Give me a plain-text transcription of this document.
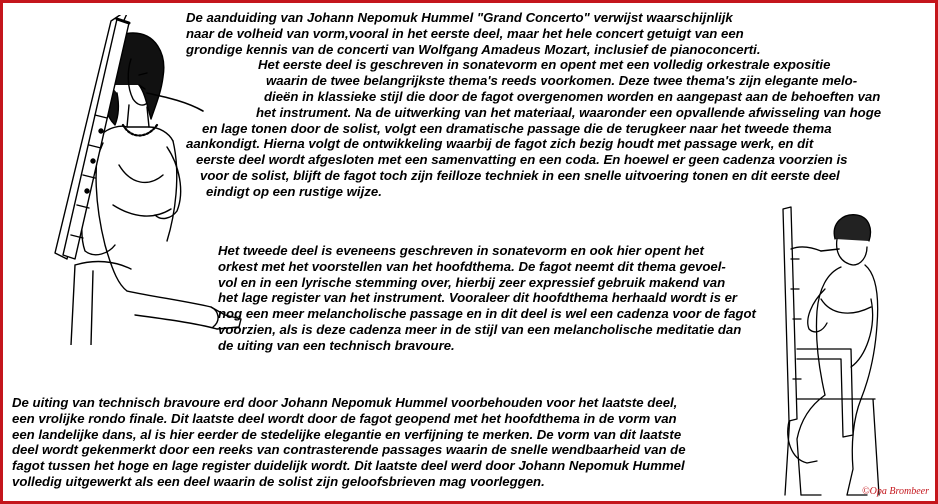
De aanduiding van Johann Nepomuk Hummel "Grand Concerto" verwijst waarschijnlijk
naar de volheid van vorm,vooral in het eerste deel, maar het hele concert getuigt van een
grondige kennis van de concerti van Wolfgang Amadeus Mozart, inclusief de pianoconcerti.
Het eerste deel is geschreven in sonatevorm en opent met een volledig orkestrale expositie
waarin de twee belangrijkste thema's reeds voorkomen. Deze twee thema's zijn elegante melo-
dieën in klassieke stijl die door de fagot overgenomen worden en aangepast aan de behoeften van
het instrument. Na de uitwerking van het materiaal, waaronder een opvallende afwisseling van hoge
en lage tonen door de solist, volgt een dramatische passage die de terugkeer naar het tweede thema
aankondigt. Hierna volgt de ontwikkeling waarbij de fagot zich bezig houdt met passage werk, en dit
eerste deel wordt afgesloten met een samenvatting en een coda. En hoewel er geen cadenza voorzien is
voor de solist, blijft de fagot toch zijn feilloze techniek in een snelle uitvoering tonen en dit eerste deel
eindigt op een rustige wijze.

Het tweede deel is eveneens geschreven in sonatevorm en ook hier opent het
orkest met het voorstellen van het hoofdthema. De fagot neemt dit thema gevoel-
vol en in een lyrische stemming over, hierbij zeer expressief gebruik makend van
het lage register van het instrument. Vooraleer dit hoofdthema herhaald wordt is er
nog een meer melancholische passage en in dit deel is wel een cadenza voor de fagot
voorzien, als is deze cadenza meer in de stijl van een melancholische meditatie dan
de uiting van een technisch bravoure.

De uiting van technisch bravoure erd door Johann Nepomuk Hummel voorbehouden voor het laatste deel,
een vrolijke rondo finale. Dit laatste deel wordt door de fagot geopend met het hoofdthema in de vorm van
een landelijke dans, al is hier eerder de stedelijke elegantie en verfijning te merken. De vorm van dit laatste
deel wordt gekenmerkt door een reeks van contrasterende passages waarin de snelle wendbaarheid van de
fagot tussen het hoge en lage register duidelijk wordt. Dit laatste deel werd door Johann Nepomuk Hummel
volledig uitgewerkt als een deel waarin de solist zijn geloofsbrieven mag voorleggen.

©Opa Brombeer
